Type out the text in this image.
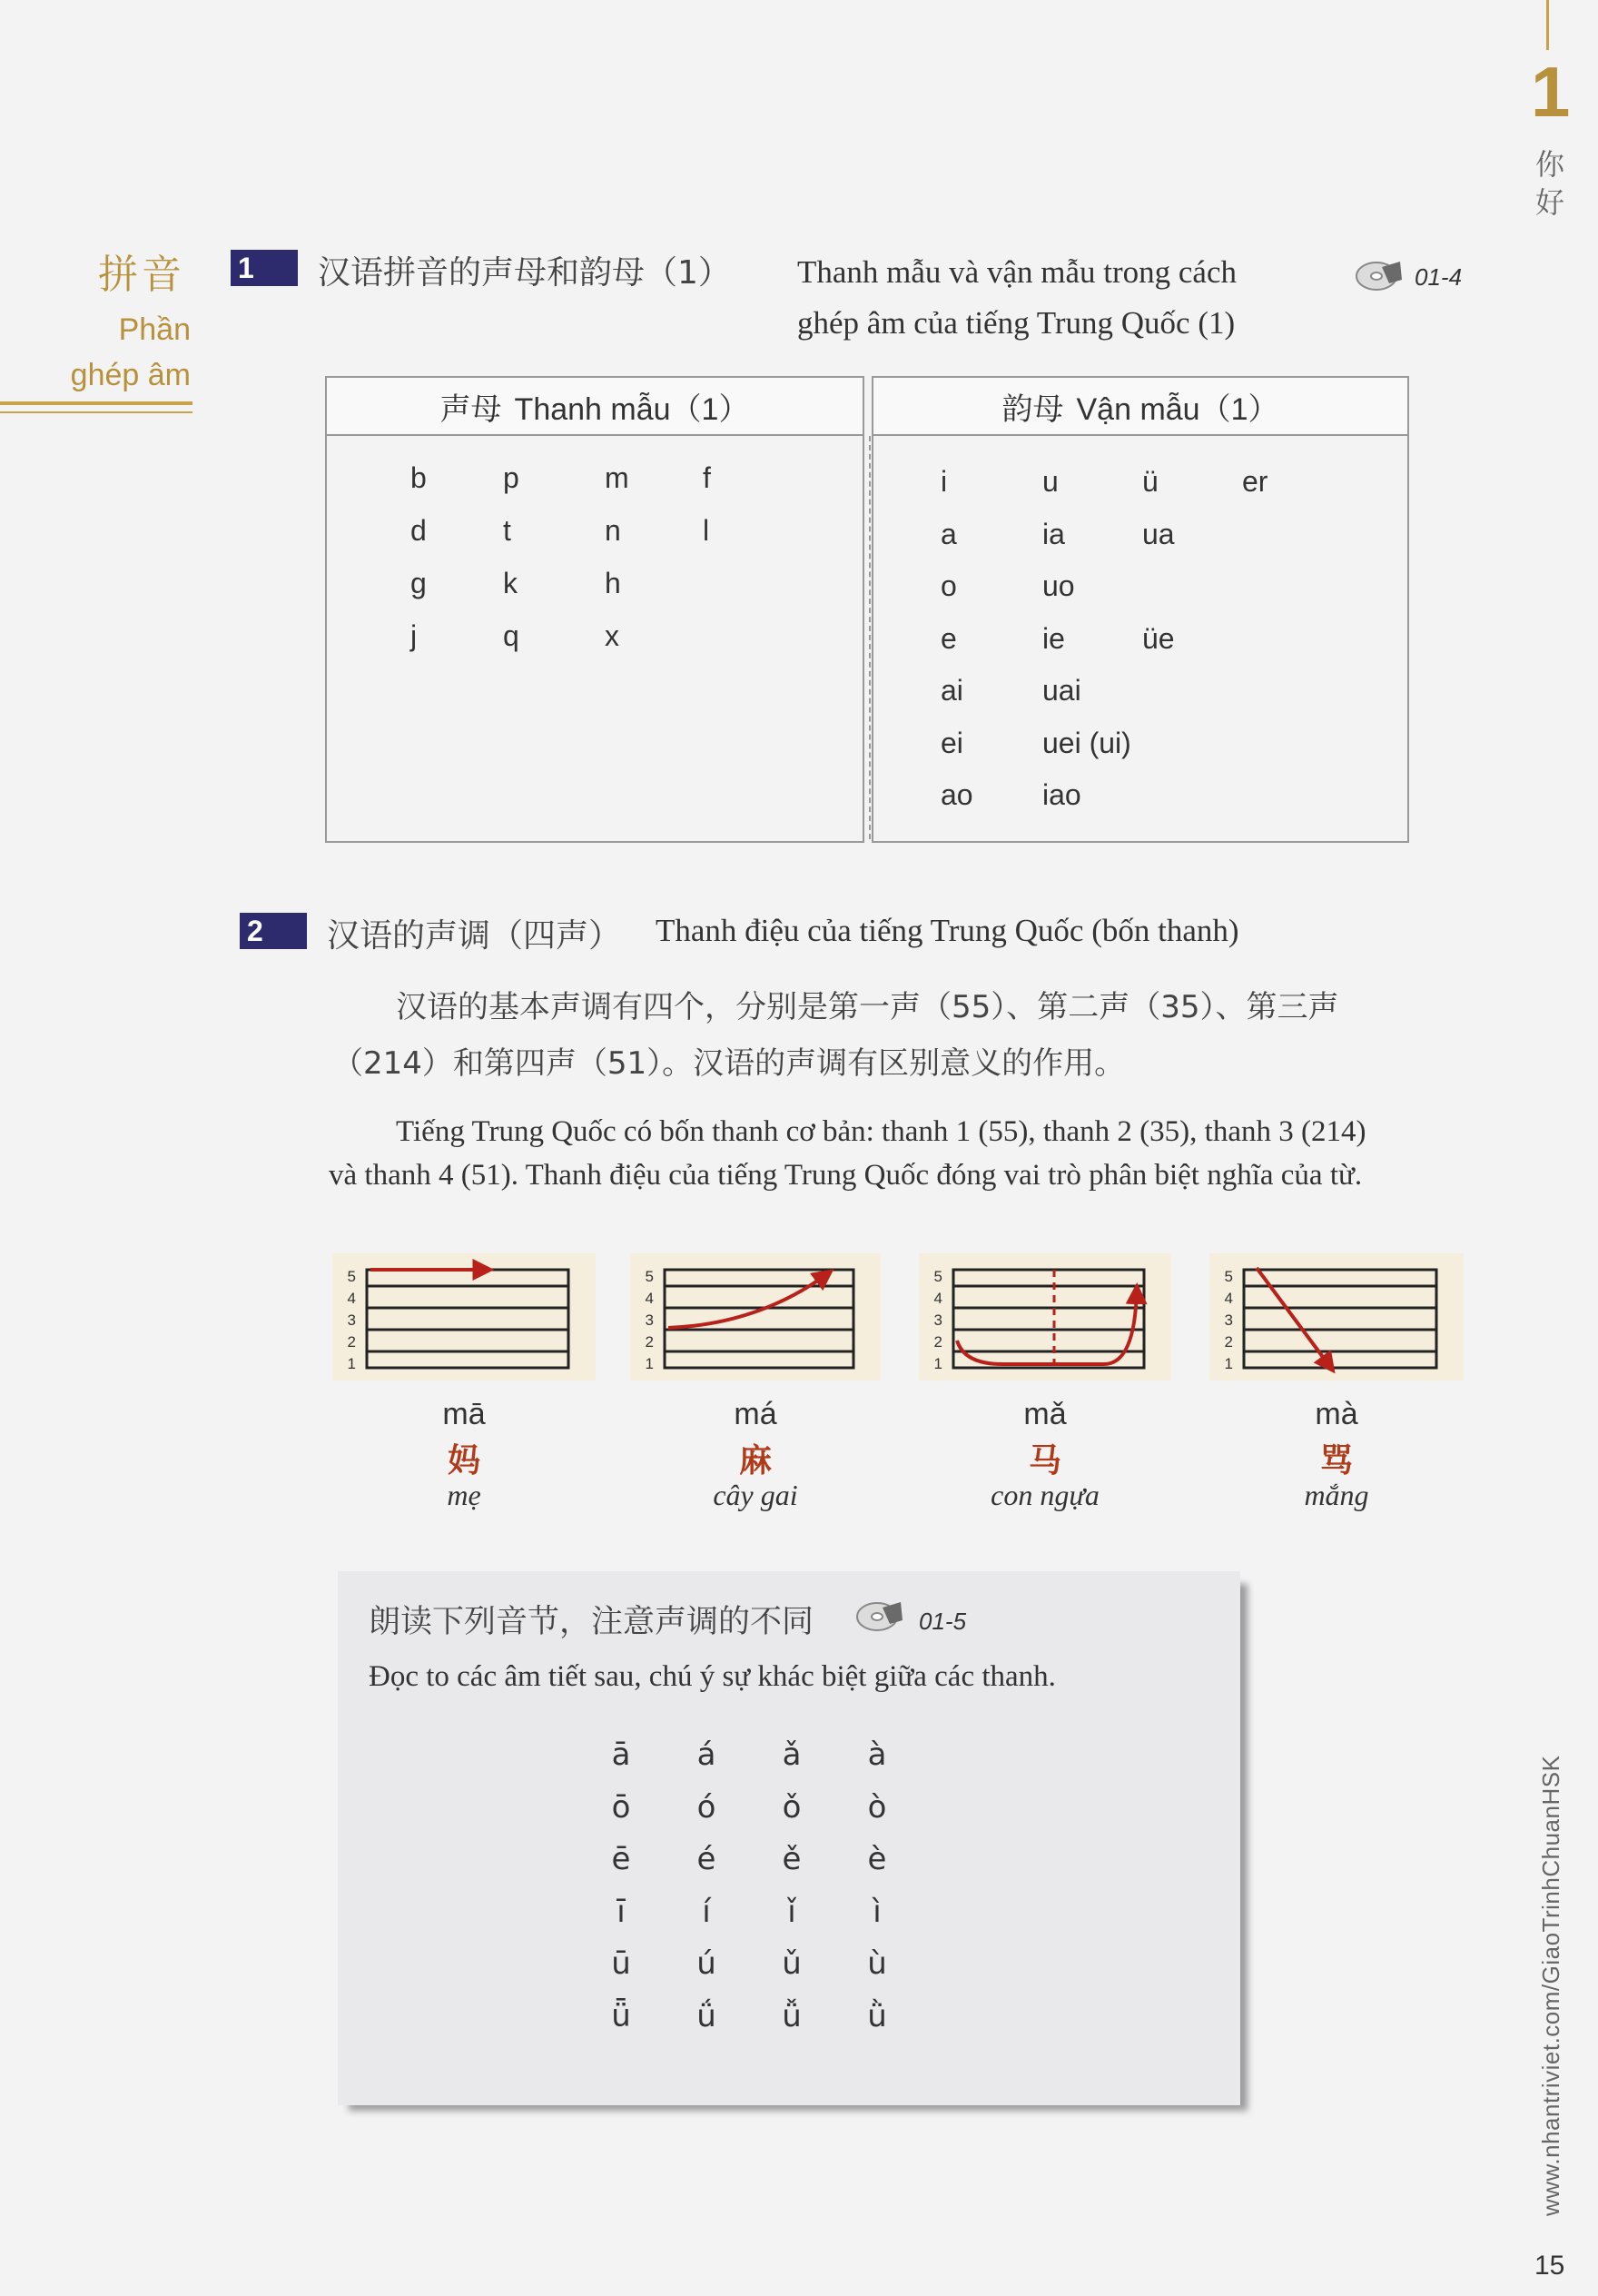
1
你好
www.nhantriviet.com/GiaoTrinhChuanHSK
15
拼音
Phần
ghép âm
1	汉语拼音的声母和韵母（1） Thanh mẫu và vận mẫu trong cách
ghép âm của tiếng Trung Quốc (1)
01-4
声母 Thanh mẫu（1）
b	p	m	f
d	t	n	l
g	k	h
j	q	x
韵母 Vận mẫu（1）
i	u	ü	er
a	ia	ua
o	uo
e	ie	üe
ai	uai
ei	uei (ui)
ao iao
2	汉语的声调（四声） Thanh điệu của tiếng Trung Quốc (bốn thanh)
汉语的基本声调有四个，分别是第一声（55）、第二声（35）、第三声
（214）和第四声（51）。汉语的声调有区别意义的作用。
Tiếng Trung Quốc có bốn thanh cơ bản: thanh 1 (55), thanh 2 (35), thanh 3 (214)
và thanh 4 (51). Thanh điệu của tiếng Trung Quốc đóng vai trò phân biệt nghĩa của từ.
5
4
3
2
1
mā
妈
mẹ
5
4
3
2
1
má
麻
cây gai
5
4
3
2
1
mǎ
马
con ngựa
5
4
3
2
1
mà
骂
mắng
朗读下列音节，注意声调的不同	01-5
Đọc to các âm tiết sau, chú ý sự khác biệt giữa các thanh.
ā	á	ǎ	à
ō	ó	ǒ	ò
ē	é	ě	è
ī	í	ǐ	ì
ū	ú	ǔ	ù
ǖ	ǘ	ǚ	ǜ
